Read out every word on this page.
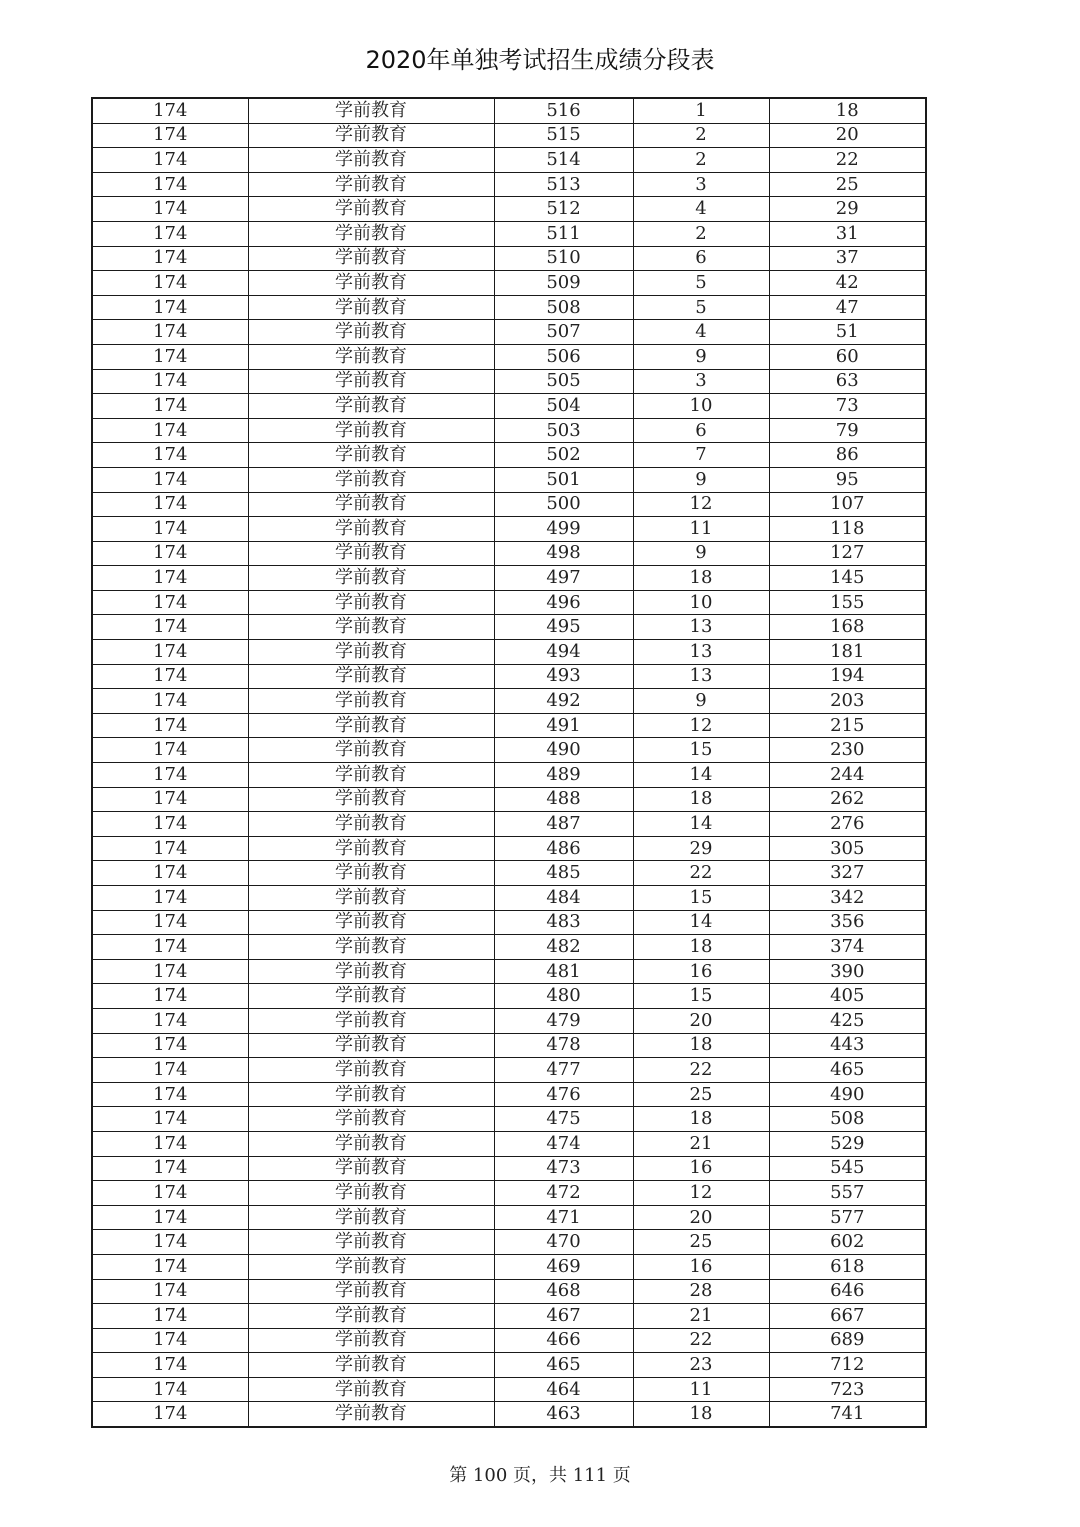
2020年单独考试招生成绩分段表
174	学前教育	516	1	18
174	学前教育	515	2	20
174	学前教育	514	2	22
174	学前教育	513	3	25
174	学前教育	512	4	29
174	学前教育	511	2	31
174	学前教育	510	6	37
174	学前教育	509	5	42
174	学前教育	508	5	47
174	学前教育	507	4	51
174	学前教育	506	9	60
174	学前教育	505	3	63
174	学前教育	504	10	73
174	学前教育	503	6	79
174	学前教育	502	7	86
174	学前教育	501	9	95
174	学前教育	500	12	107
174	学前教育	499	11	118
174	学前教育	498	9	127
174	学前教育	497	18	145
174	学前教育	496	10	155
174	学前教育	495	13	168
174	学前教育	494	13	181
174	学前教育	493	13	194
174	学前教育	492	9	203
174	学前教育	491	12	215
174	学前教育	490	15	230
174	学前教育	489	14	244
174	学前教育	488	18	262
174	学前教育	487	14	276
174	学前教育	486	29	305
174	学前教育	485	22	327
174	学前教育	484	15	342
174	学前教育	483	14	356
174	学前教育	482	18	374
174	学前教育	481	16	390
174	学前教育	480	15	405
174	学前教育	479	20	425
174	学前教育	478	18	443
174	学前教育	477	22	465
174	学前教育	476	25	490
174	学前教育	475	18	508
174	学前教育	474	21	529
174	学前教育	473	16	545
174	学前教育	472	12	557
174	学前教育	471	20	577
174	学前教育	470	25	602
174	学前教育	469	16	618
174	学前教育	468	28	646
174	学前教育	467	21	667
174	学前教育	466	22	689
174	学前教育	465	23	712
174	学前教育	464	11	723
174	学前教育	463	18	741
第 100 页，共 111 页
